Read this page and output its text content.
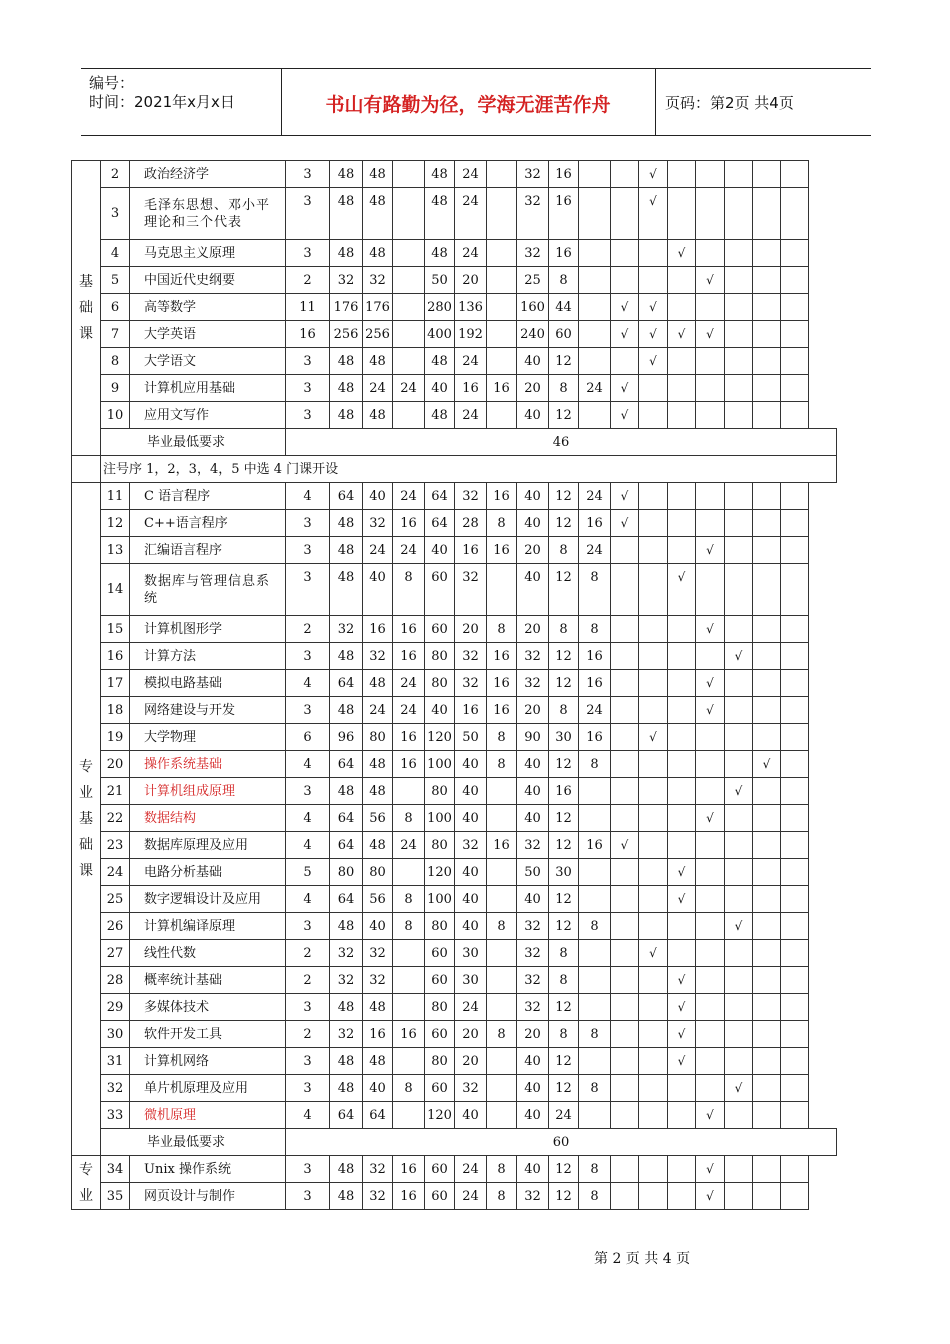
编号：
时间：2021年x月x日	书山有路勤为径，学海无涯苦作舟	页码：第2页 共4页
基
础
课	2	政治经济学	3	48	48		48	24		32	16			√					
	3	毛泽东思想、邓小平理论和三个代表	3	48	48		48	24		32	16			√					
	4	马克思主义原理	3	48	48		48	24		32	16				√				
	5	中国近代史纲要	2	32	32		50	20		25	8					√			
	6	高等数学	11	176	176		280	136		160	44		√	√					
	7	大学英语	16	256	256		400	192		240	60		√	√	√	√			
	8	大学语文	3	48	48		48	24		40	12			√					
	9	计算机应用基础	3	48	24	24	40	16	16	20	8	24	√						
	10	应用文写作	3	48	48		48	24		40	12		√						
	毕业最低要求		46																
	注号序 1，2，3，4，5 中选 4 门课开设																		

专
业
基
础
课	11	C 语言程序	4	64	40	24	64	32	16	40	12	24	√						
	12	C++语言程序	3	48	32	16	64	28	8	40	12	16	√						
	13	汇编语言程序	3	48	24	24	40	16	16	20	8	24				√			
	14	数据库与管理信息系统	3	48	40	8	60	32		40	12	8			√				
	15	计算机图形学	2	32	16	16	60	20	8	20	8	8				√			
	16	计算方法	3	48	32	16	80	32	16	32	12	16					√		
	17	模拟电路基础	4	64	48	24	80	32	16	32	12	16				√			
	18	网络建设与开发	3	48	24	24	40	16	16	20	8	24				√			
	19	大学物理	6	96	80	16	120	50	8	90	30	16		√					
	20	操作系统基础	4	64	48	16	100	40	8	40	12	8						√	
	21	计算机组成原理	3	48	48		80	40		40	16						√		
	22	数据结构	4	64	56	8	100	40		40	12					√			
	23	数据库原理及应用	4	64	48	24	80	32	16	32	12	16	√						
	24	电路分析基础	5	80	80		120	40		50	30				√				
	25	数字逻辑设计及应用	4	64	56	8	100	40		40	12				√				
	26	计算机编译原理	3	48	40	8	80	40	8	32	12	8					√		
	27	线性代数	2	32	32		60	30		32	8			√					
	28	概率统计基础	2	32	32		60	30		32	8				√				
	29	多媒体技术	3	48	48		80	24		32	12				√				
	30	软件开发工具	2	32	16	16	60	20	8	20	8	8			√				
	31	计算机网络	3	48	48		80	20		40	12				√				
	32	单片机原理及应用	3	48	40	8	60	32		40	12	8					√		
	33	微机原理	4	64	64		120	40		40	24					√			
	毕业最低要求		60																

专
业	34	Unix 操作系统	3	48	32	16	60	24	8	40	12	8				√			
	35	网页设计与制作	3	48	32	16	60	24	8	32	12	8				√			
第 2 页 共 4 页
